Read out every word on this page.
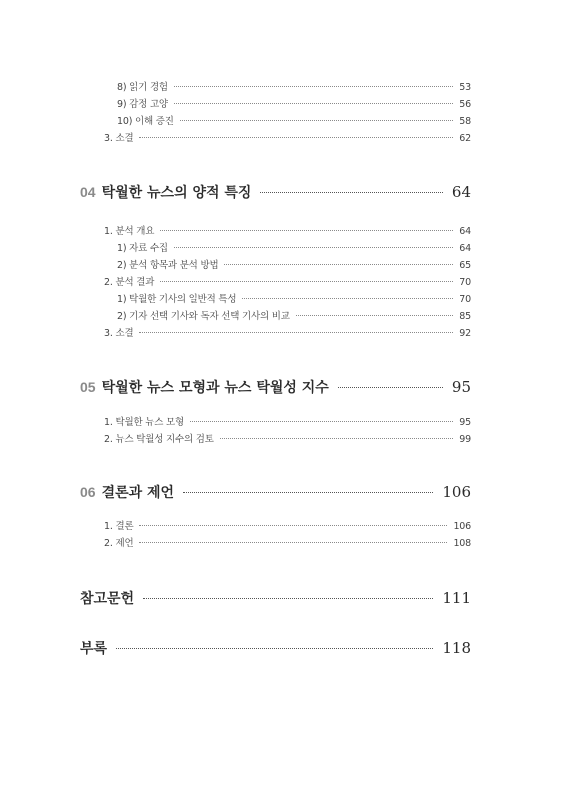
8) 읽기 경험	53
9) 감정 고양	56
10) 이해 증진	58
3. 소결	62
04 탁월한 뉴스의 양적 특징	64
1. 분석 개요	64
1) 자료 수집	64
2) 분석 항목과 분석 방법	65
2. 분석 결과	70
1) 탁월한 기사의 일반적 특성	70
2) 기자 선택 기사와 독자 선택 기사의 비교	85
3. 소결	92
05 탁월한 뉴스 모형과 뉴스 탁월성 지수	95
1. 탁월한 뉴스 모형	95
2. 뉴스 탁월성 지수의 검토	99
06 결론과 제언	106
1. 결론	106
2. 제언	108
참고문헌	111
부록	118
